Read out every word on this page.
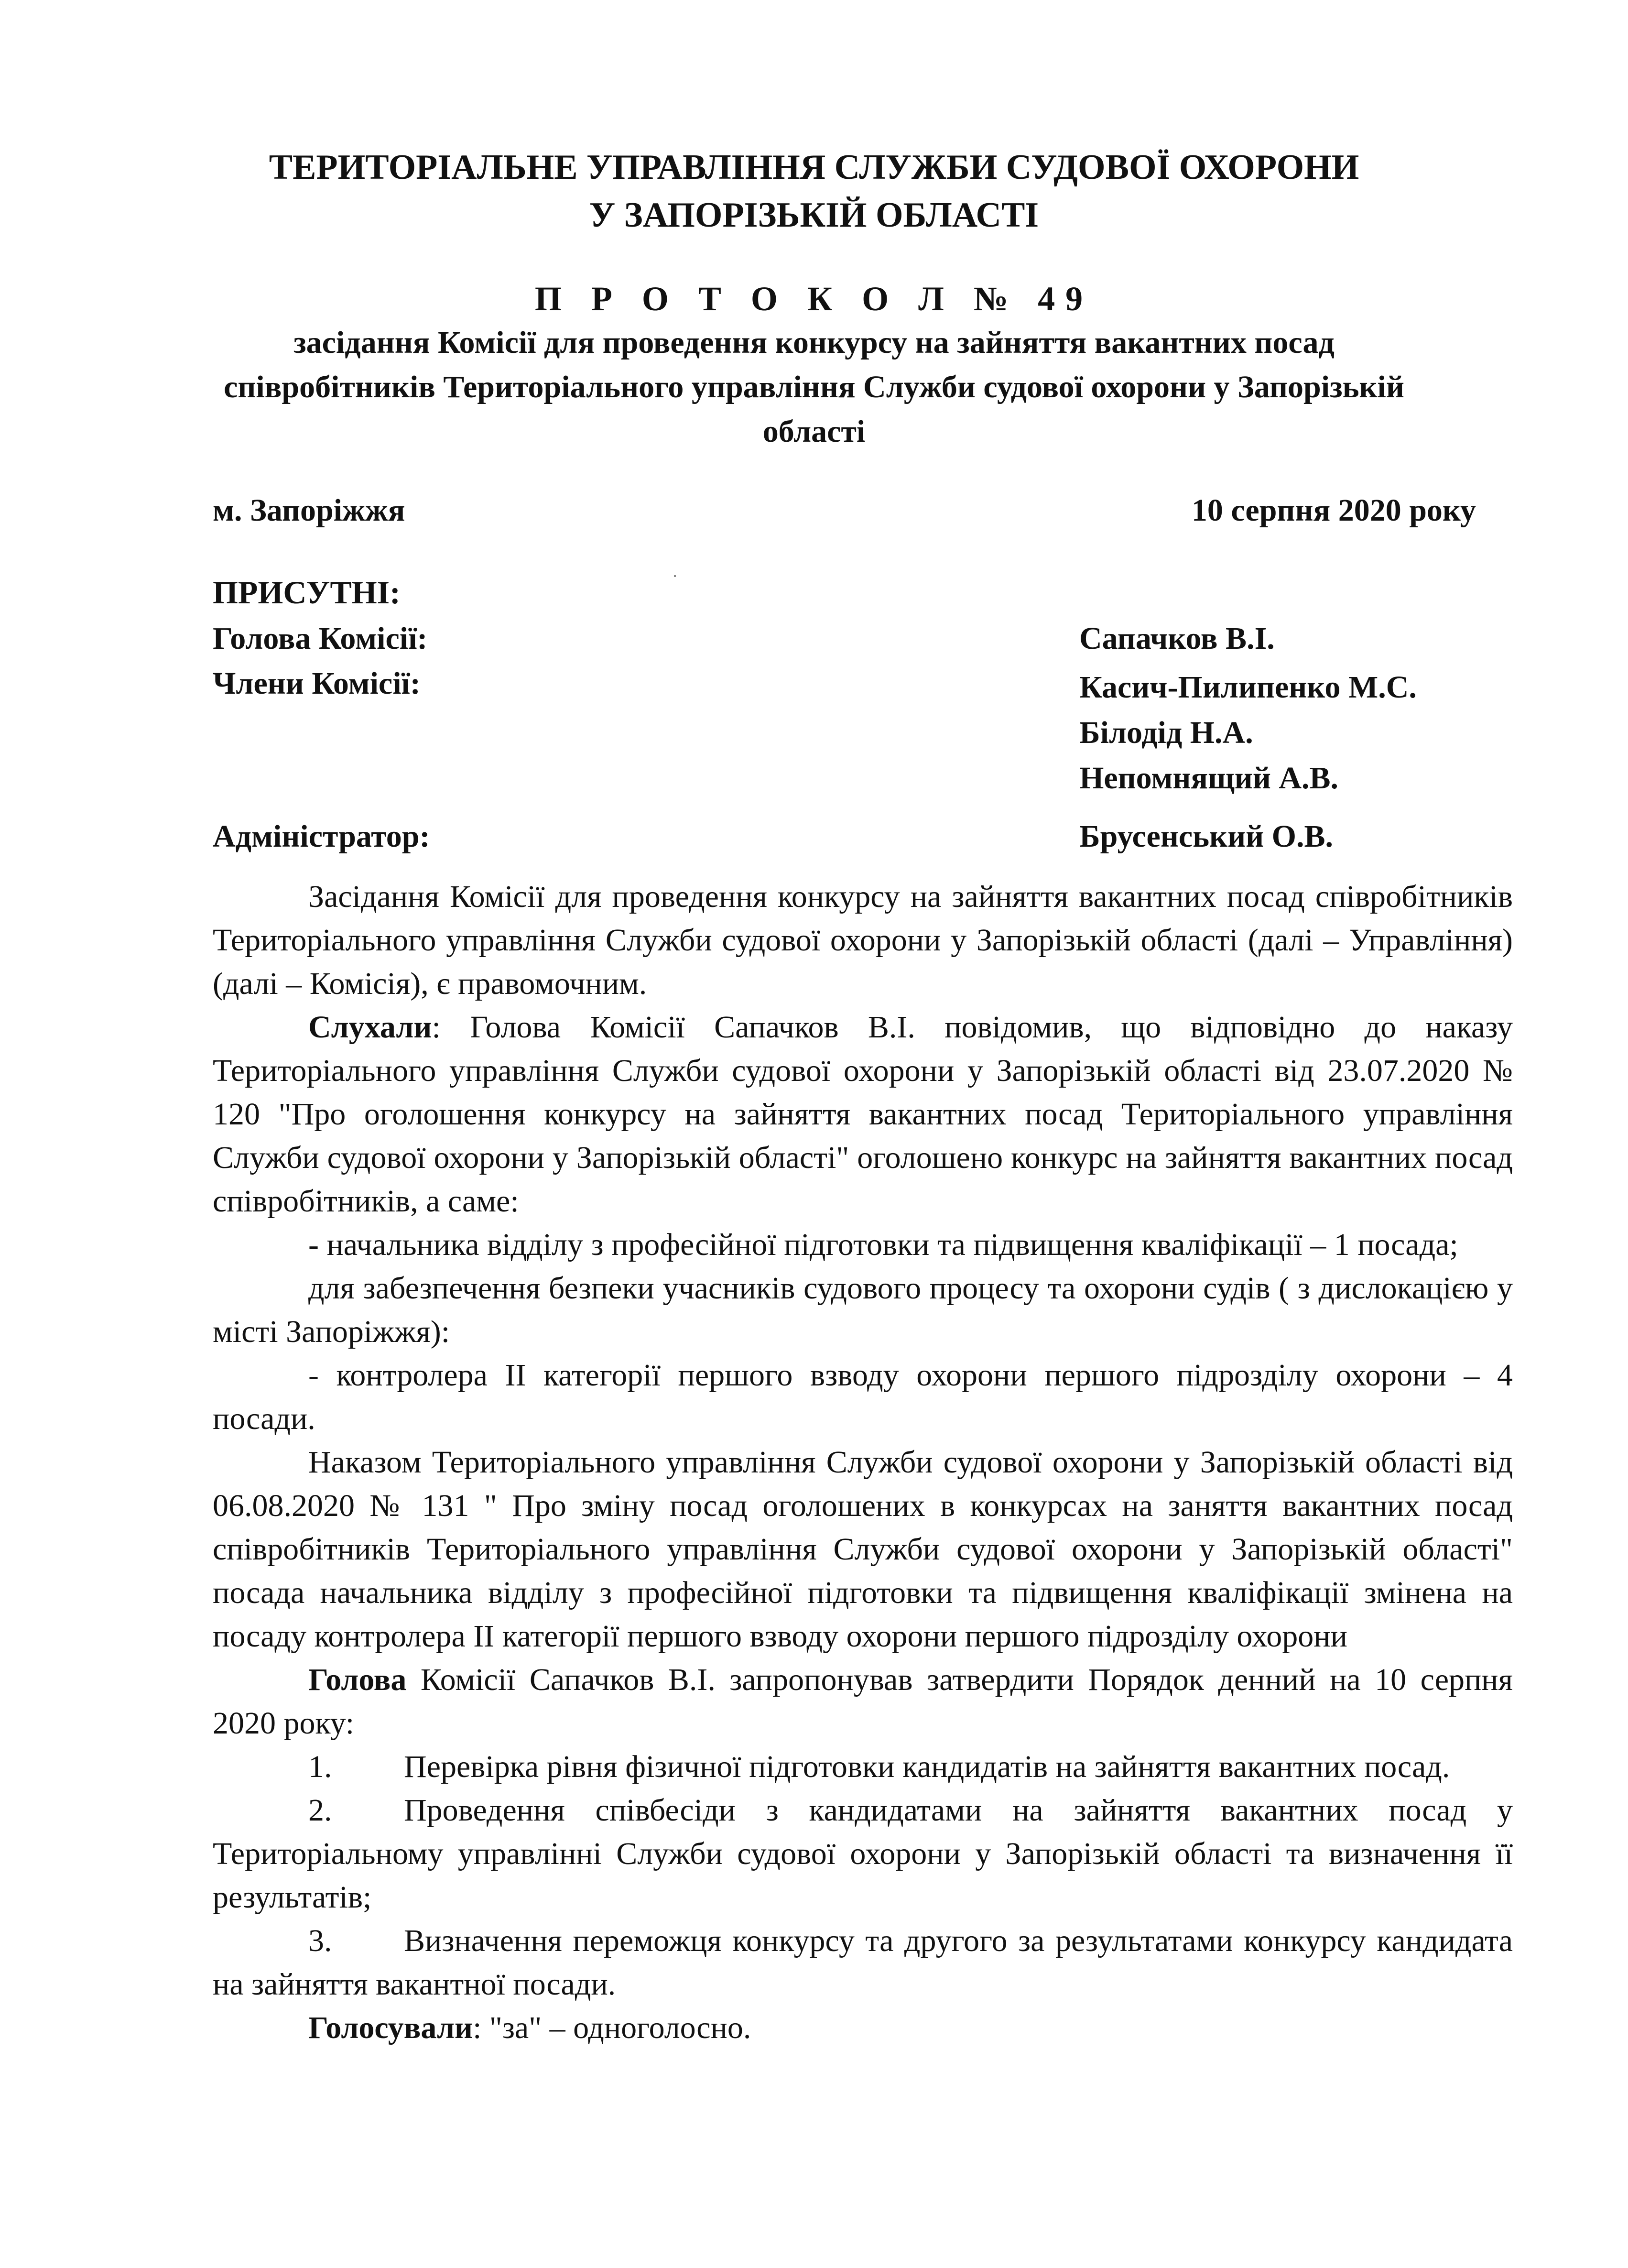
ТЕРИТОРІАЛЬНЕ УПРАВЛІННЯ СЛУЖБИ СУДОВОЇ ОХОРОНИ
У ЗАПОРІЗЬКІЙ ОБЛАСТІ
П Р О Т О К О Л № 49
засідання Комісії для проведення конкурсу на зайняття вакантних посад співробітників Територіального управління Служби судової охорони у Запорізькій області
м. Запоріжжя	10 серпня 2020 року
ПРИСУТНІ:
Голова Комісії:	Сапачков В.І.
Члени Комісії:	Касич-Пилипенко М.С.
Білодід Н.А.
Непомнящий А.В.
Адміністратор:	Брусенський О.В.

Засідання Комісії для проведення конкурсу на зайняття вакантних посад співробітників Територіального управління Служби судової охорони у Запорізькій області (далі – Управління) (далі – Комісія), є правомочним.

Слухали: Голова Комісії Сапачков В.І. повідомив, що відповідно до наказу Територіального управління Служби судової охорони у Запорізькій області від 23.07.2020 № 120 "Про оголошення конкурсу на зайняття вакантних посад Територіального управління Служби судової охорони у Запорізькій області" оголошено конкурс на зайняття вакантних посад співробітників, а саме:

- начальника відділу з професійної підготовки та підвищення кваліфікації – 1 посада;

для забезпечення безпеки учасників судового процесу та охорони судів ( з дислокацією у місті Запоріжжя):

- контролера ІІ категорії першого взводу охорони першого підрозділу охорони – 4 посади.

Наказом Територіального управління Служби судової охорони у Запорізькій області від 06.08.2020 № 131 " Про зміну посад оголошених в конкурсах на заняття вакантних посад співробітників Територіального управління Служби судової охорони у Запорізькій області" посада начальника відділу з професійної підготовки та підвищення кваліфікації змінена на посаду контролера ІІ категорії першого взводу охорони першого підрозділу охорони

Голова Комісії Сапачков В.І. запропонував затвердити Порядок денний на 10 серпня 2020 року:

1. Перевірка рівня фізичної підготовки кандидатів на зайняття вакантних посад.

2. Проведення співбесіди з кандидатами на зайняття вакантних посад у Територіальному управлінні Служби судової охорони у Запорізькій області та визначення її результатів;

3. Визначення переможця конкурсу та другого за результатами конкурсу кандидата на зайняття вакантної посади.

Голосували: "за" – одноголосно.
